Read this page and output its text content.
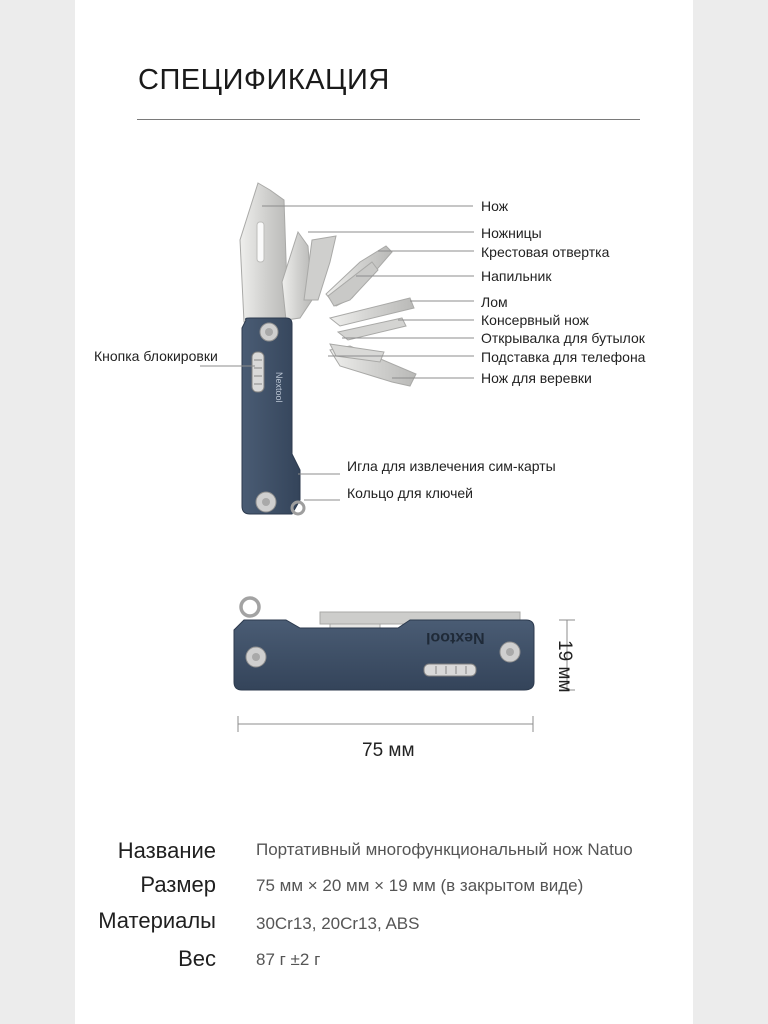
СПЕЦИФИКАЦИЯ
Nextool
Nextool
Нож
Ножницы
Крестовая отвертка
Напильник
Лом
Консервный нож
Открывалка для бутылок
Подставка для телефона
Нож для веревки
Кнопка блокировки
Игла для извлечения сим-карты
Кольцо для ключей
75 мм
19 мм
Название Портативный многофункциональный нож Natuo
Размер 75 мм × 20 мм × 19 мм (в закрытом виде)
Материалы 30Cr13, 20Cr13, ABS
Вес 87 г ±2 г
